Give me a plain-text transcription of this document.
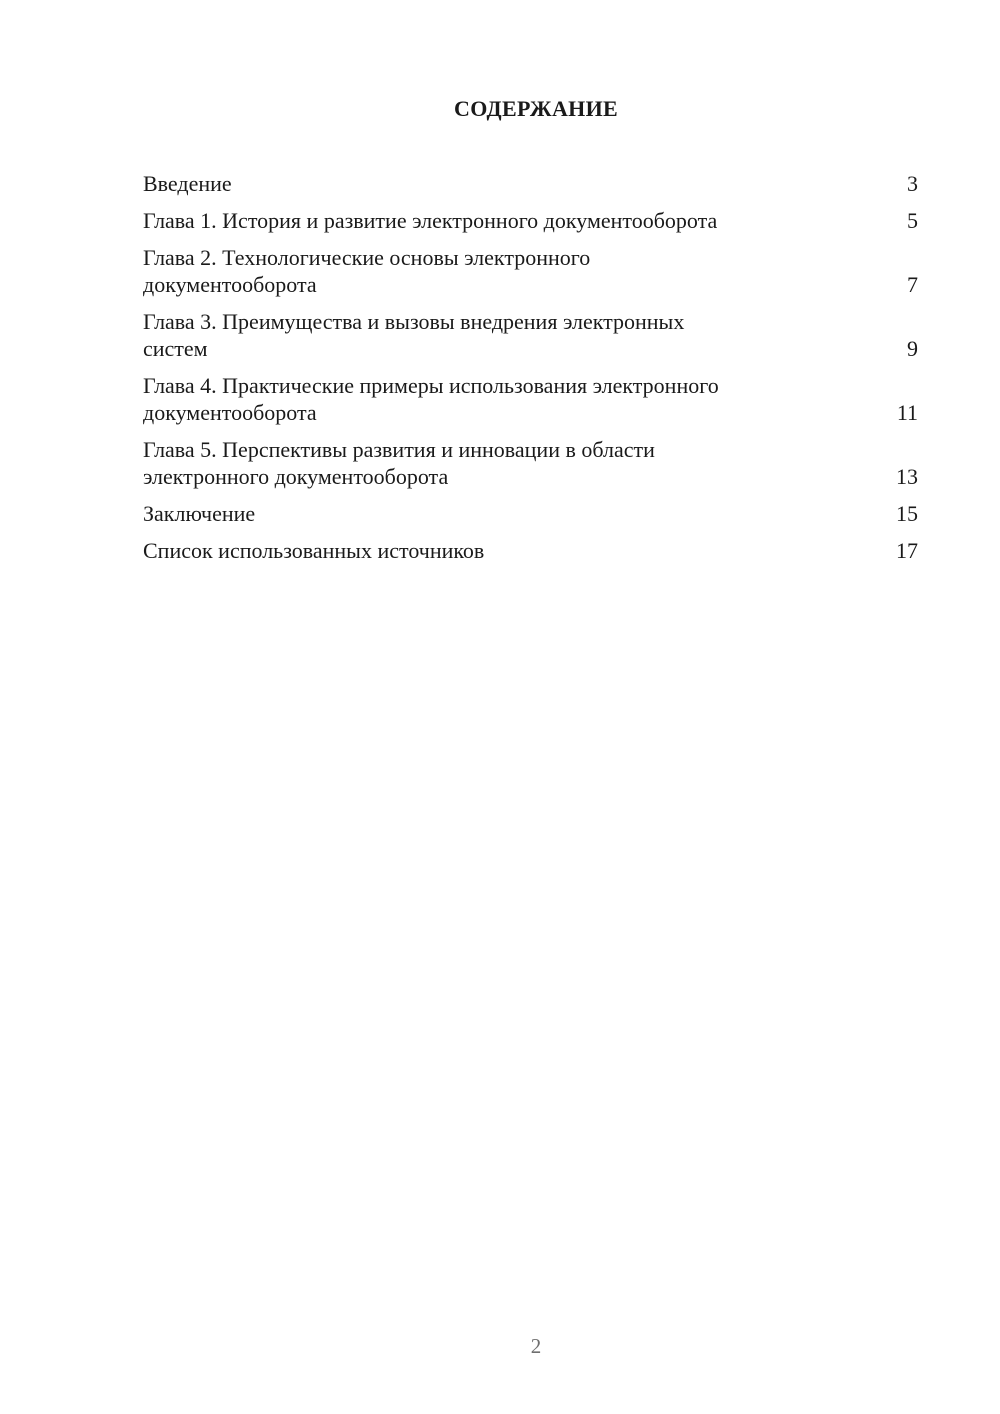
СОДЕРЖАНИЕ
Введение	3
Глава 1. История и развитие электронного документооборота	5
Глава 2. Технологические основы электронного
документооборота	7
Глава 3. Преимущества и вызовы внедрения электронных
систем	9
Глава 4. Практические примеры использования электронного
документооборота	11
Глава 5. Перспективы развития и инновации в области
электронного документооборота	13
Заключение	15
Список использованных источников	17
2
